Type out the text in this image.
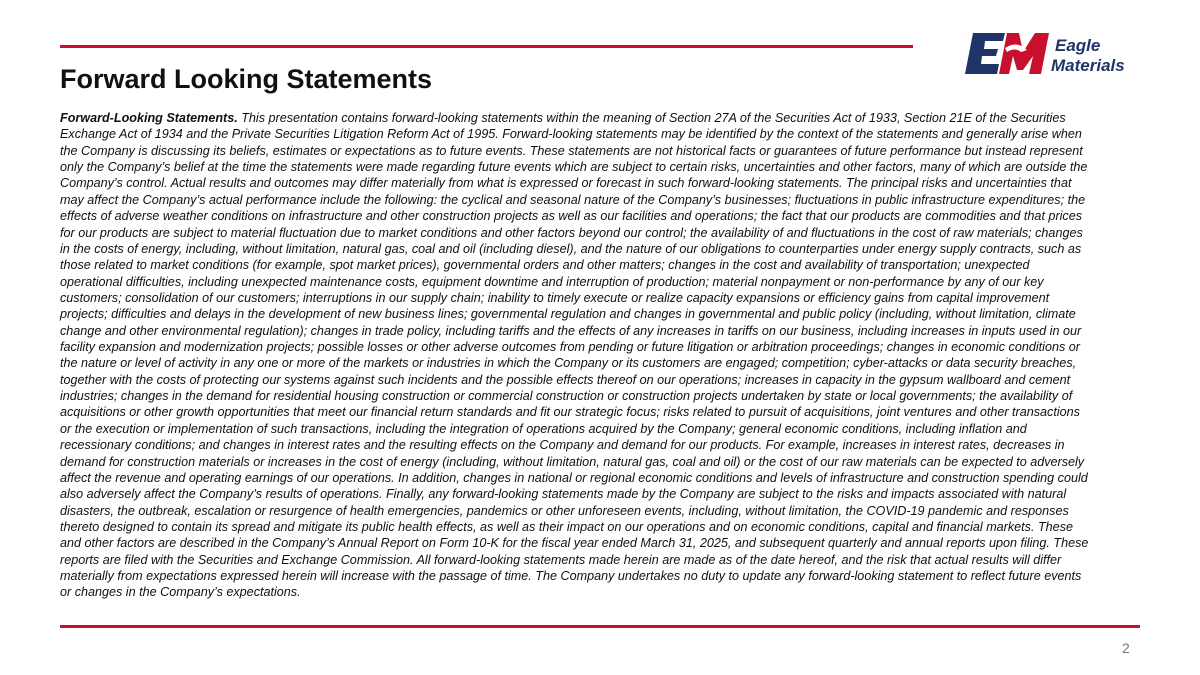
Forward Looking Statements
Eagle
Materials
Forward-Looking Statements. This presentation contains forward-looking statements within the meaning of Section 27A of the Securities Act of 1933, Section 21E of the Securities
Exchange Act of 1934 and the Private Securities Litigation Reform Act of 1995. Forward-looking statements may be identified by the context of the statements and generally arise when
the Company is discussing its beliefs, estimates or expectations as to future events. These statements are not historical facts or guarantees of future performance but instead represent
only the Company’s belief at the time the statements were made regarding future events which are subject to certain risks, uncertainties and other factors, many of which are outside the
Company’s control. Actual results and outcomes may differ materially from what is expressed or forecast in such forward-looking statements. The principal risks and uncertainties that
may affect the Company’s actual performance include the following: the cyclical and seasonal nature of the Company’s businesses; fluctuations in public infrastructure expenditures; the
effects of adverse weather conditions on infrastructure and other construction projects as well as our facilities and operations; the fact that our products are commodities and that prices
for our products are subject to material fluctuation due to market conditions and other factors beyond our control; the availability of and fluctuations in the cost of raw materials; changes
in the costs of energy, including, without limitation, natural gas, coal and oil (including diesel), and the nature of our obligations to counterparties under energy supply contracts, such as
those related to market conditions (for example, spot market prices), governmental orders and other matters; changes in the cost and availability of transportation; unexpected
operational difficulties, including unexpected maintenance costs, equipment downtime and interruption of production; material nonpayment or non-performance by any of our key
customers; consolidation of our customers; interruptions in our supply chain; inability to timely execute or realize capacity expansions or efficiency gains from capital improvement
projects; difficulties and delays in the development of new business lines; governmental regulation and changes in governmental and public policy (including, without limitation, climate
change and other environmental regulation); changes in trade policy, including tariffs and the effects of any increases in tariffs on our business, including increases in inputs used in our
facility expansion and modernization projects; possible losses or other adverse outcomes from pending or future litigation or arbitration proceedings; changes in economic conditions or
the nature or level of activity in any one or more of the markets or industries in which the Company or its customers are engaged; competition; cyber-attacks or data security breaches,
together with the costs of protecting our systems against such incidents and the possible effects thereof on our operations; increases in capacity in the gypsum wallboard and cement
industries; changes in the demand for residential housing construction or commercial construction or construction projects undertaken by state or local governments; the availability of
acquisitions or other growth opportunities that meet our financial return standards and fit our strategic focus; risks related to pursuit of acquisitions, joint ventures and other transactions
or the execution or implementation of such transactions, including the integration of operations acquired by the Company; general economic conditions, including inflation and
recessionary conditions; and changes in interest rates and the resulting effects on the Company and demand for our products. For example, increases in interest rates, decreases in
demand for construction materials or increases in the cost of energy (including, without limitation, natural gas, coal and oil) or the cost of our raw materials can be expected to adversely
affect the revenue and operating earnings of our operations. In addition, changes in national or regional economic conditions and levels of infrastructure and construction spending could
also adversely affect the Company’s results of operations. Finally, any forward-looking statements made by the Company are subject to the risks and impacts associated with natural
disasters, the outbreak, escalation or resurgence of health emergencies, pandemics or other unforeseen events, including, without limitation, the COVID-19 pandemic and responses
thereto designed to contain its spread and mitigate its public health effects, as well as their impact on our operations and on economic conditions, capital and financial markets. These
and other factors are described in the Company’s Annual Report on Form 10-K for the fiscal year ended March 31, 2025, and subsequent quarterly and annual reports upon filing. These
reports are filed with the Securities and Exchange Commission. All forward-looking statements made herein are made as of the date hereof, and the risk that actual results will differ
materially from expectations expressed herein will increase with the passage of time. The Company undertakes no duty to update any forward-looking statement to reflect future events
or changes in the Company’s expectations.
2
